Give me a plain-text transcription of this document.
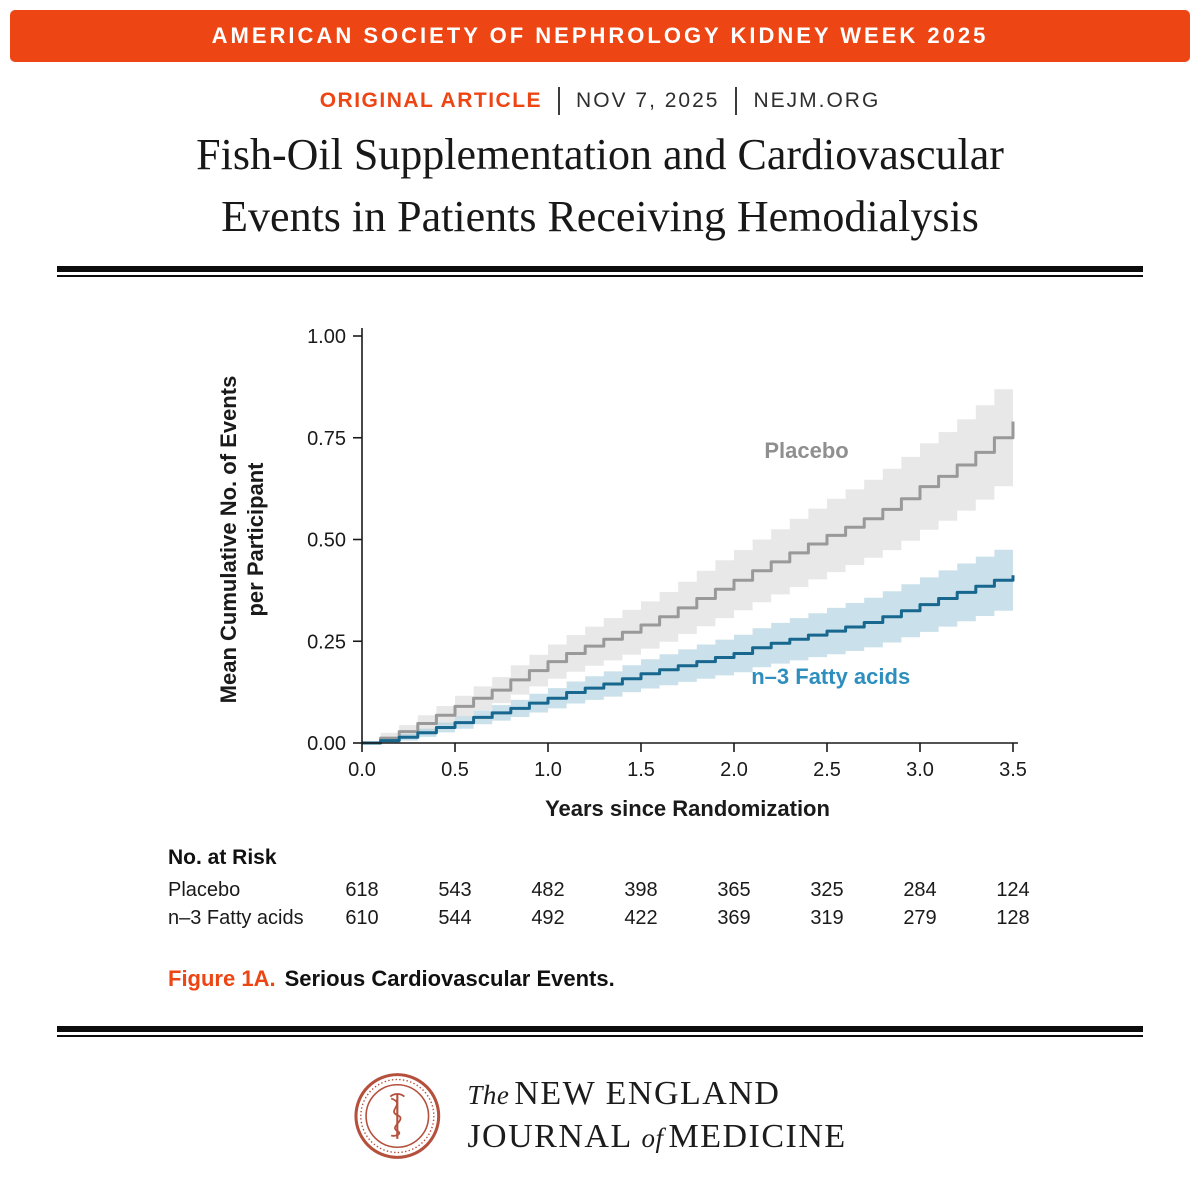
AMERICAN SOCIETY OF NEPHROLOGY KIDNEY WEEK 2025
ORIGINAL ARTICLE NOV 7, 2025 NEJM.ORG
Fish-Oil Supplementation and Cardiovascular
Events in Patients Receiving Hemodialysis
0.00
0.25
0.50
0.75
1.00
0.0	0.5	1.0	1.5	2.0	2.5	3.0	3.5
Years since Randomization
Mean Cumulative No. of Events per Participant
Placebo
n–3 Fatty acids
No. at Risk
Placebo	618	543	482	398	365	325	284	124
n–3 Fatty acids 610	544	492	422	369	319	279	128
Figure 1A. Serious Cardiovascular Events.
The NEW ENGLAND
JOURNAL of MEDICINE
